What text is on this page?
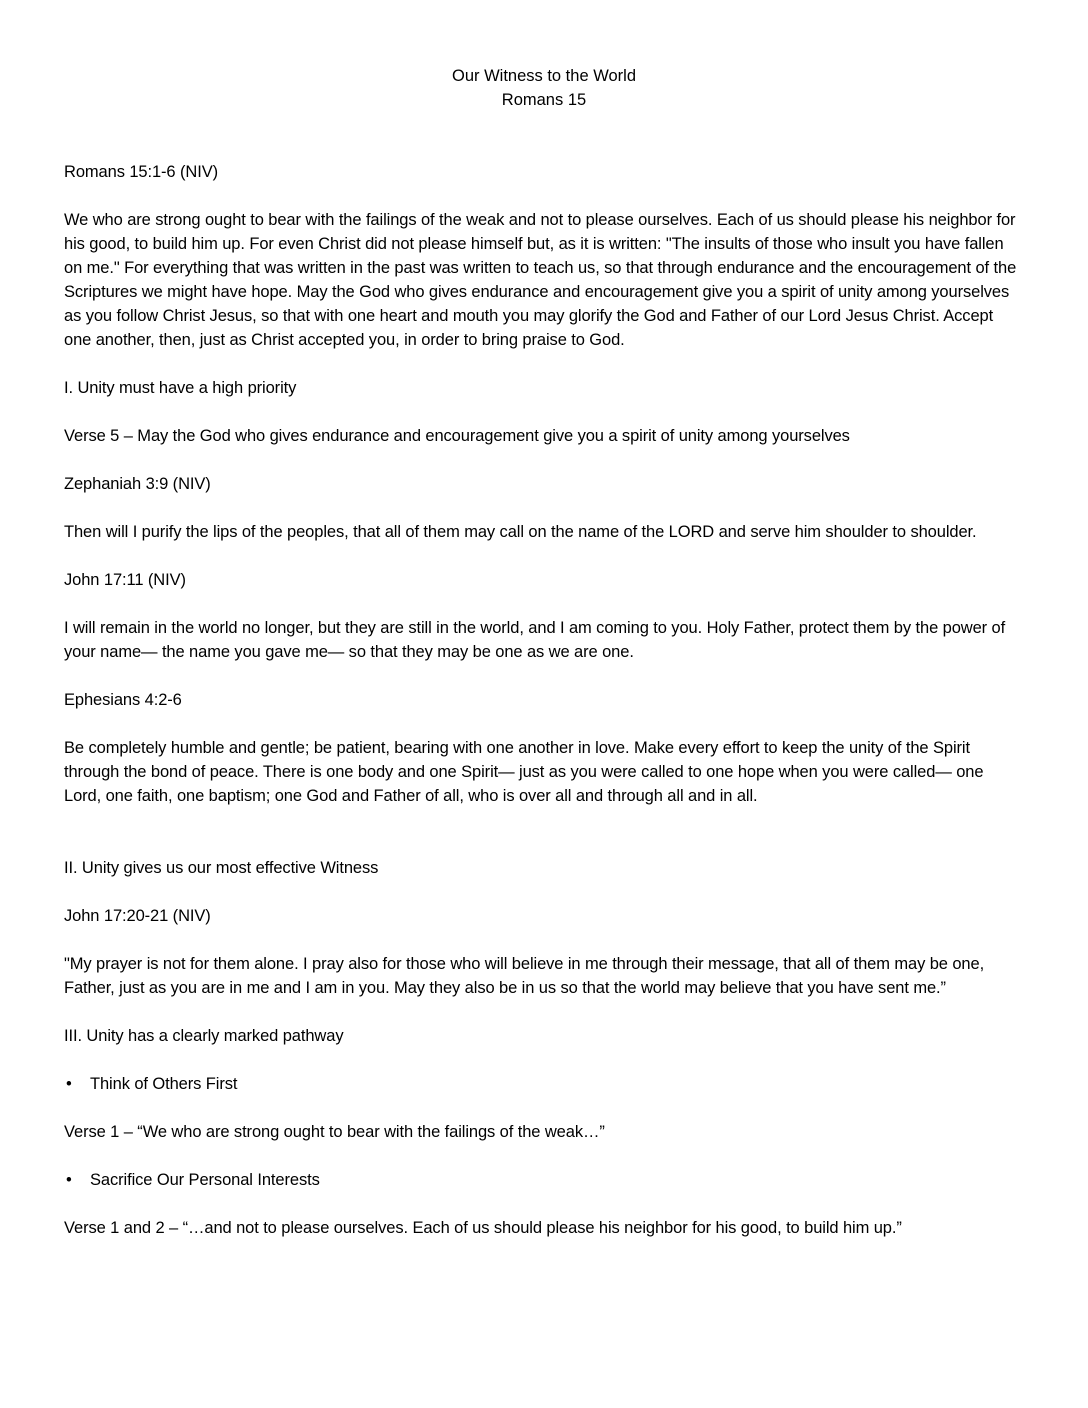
Our Witness to the World
Romans 15

Romans 15:1-6 (NIV)

We who are strong ought to bear with the failings of the weak and not to please ourselves. Each of us should please his neighbor for his good, to build him up. For even Christ did not please himself but, as it is written: "The insults of those who insult you have fallen on me." For everything that was written in the past was written to teach us, so that through endurance and the encouragement of the Scriptures we might have hope. May the God who gives endurance and encouragement give you a spirit of unity among yourselves as you follow Christ Jesus, so that with one heart and mouth you may glorify the God and Father of our Lord Jesus Christ. Accept one another, then, just as Christ accepted you, in order to bring praise to God.

I. Unity must have a high priority

Verse 5 – May the God who gives endurance and encouragement give you a spirit of unity among yourselves

Zephaniah 3:9 (NIV)

Then will I purify the lips of the peoples, that all of them may call on the name of the LORD and serve him shoulder to shoulder.

John 17:11 (NIV)

I will remain in the world no longer, but they are still in the world, and I am coming to you. Holy Father, protect them by the power of your name— the name you gave me— so that they may be one as we are one.

Ephesians 4:2-6

Be completely humble and gentle; be patient, bearing with one another in love. Make every effort to keep the unity of the Spirit through the bond of peace. There is one body and one Spirit— just as you were called to one hope when you were called— one Lord, one faith, one baptism; one God and Father of all, who is over all and through all and in all.

II. Unity gives us our most effective Witness

John 17:20-21 (NIV)

"My prayer is not for them alone. I pray also for those who will believe in me through their message, that all of them may be one, Father, just as you are in me and I am in you. May they also be in us so that the world may believe that you have sent me.”

III. Unity has a clearly marked pathway

• Think of Others First

Verse 1 – “We who are strong ought to bear with the failings of the weak…”

• Sacrifice Our Personal Interests

Verse 1 and 2 – “…and not to please ourselves. Each of us should please his neighbor for his good, to build him up.”
